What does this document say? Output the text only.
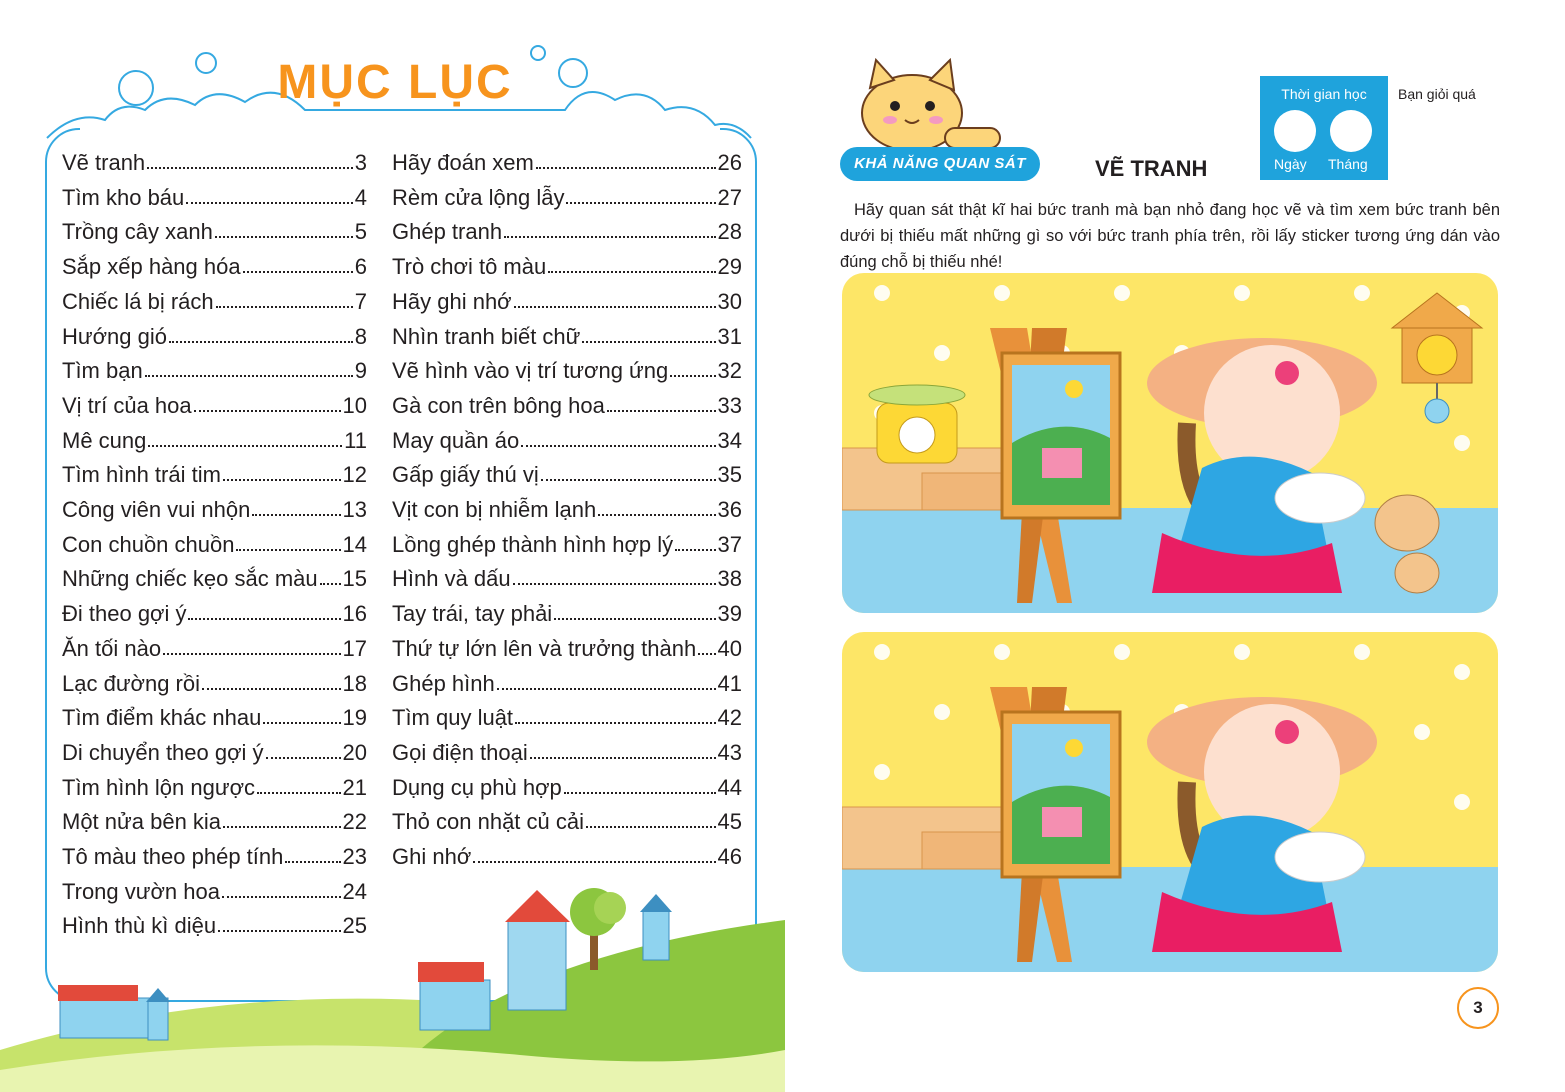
MỤC LỤC
Vẽ tranh	3
Tìm kho báu	4
Trồng cây xanh	5
Sắp xếp hàng hóa	6
Chiếc lá bị rách	7
Hướng gió	8
Tìm bạn	9
Vị trí của hoa	10
Mê cung	11
Tìm hình trái tim	12
Công viên vui nhộn	13
Con chuồn chuồn	14
Những chiếc kẹo sắc màu 15
Đi theo gợi ý	16
Ăn tối nào	17
Lạc đường rồi	18
Tìm điểm khác nhau	19
Di chuyển theo gợi ý	20
Tìm hình lộn ngược	21
Một nửa bên kia	22
Tô màu theo phép tính	23
Trong vườn hoa	24
Hình thù kì diệu	25
Hãy đoán xem	26
Rèm cửa lộng lẫy	27
Ghép tranh	28
Trò chơi tô màu	29
Hãy ghi nhớ	30
Nhìn tranh biết chữ	31
Vẽ hình vào vị trí tương ứng 32
Gà con trên bông hoa	33
May quần áo	34
Gấp giấy thú vị	35
Vịt con bị nhiễm lạnh	36
Lồng ghép thành hình hợp lý 37
Hình và dấu	38
Tay trái, tay phải	39
Thứ tự lớn lên và trưởng thành 40
Ghép hình	41
Tìm quy luật	42
Gọi điện thoại	43
Dụng cụ phù hợp	44
Thỏ con nhặt củ cải	45
Ghi nhớ	46
KHẢ NĂNG QUAN SÁT	VẼ TRANH
Thời gian học
Ngày Tháng
Bạn giỏi quá
Hãy quan sát thật kĩ hai bức tranh mà bạn nhỏ đang học vẽ và tìm xem bức tranh bên dưới bị thiếu mất những gì so với bức tranh phía trên, rồi lấy sticker tương ứng dán vào đúng chỗ bị thiếu nhé!
3
